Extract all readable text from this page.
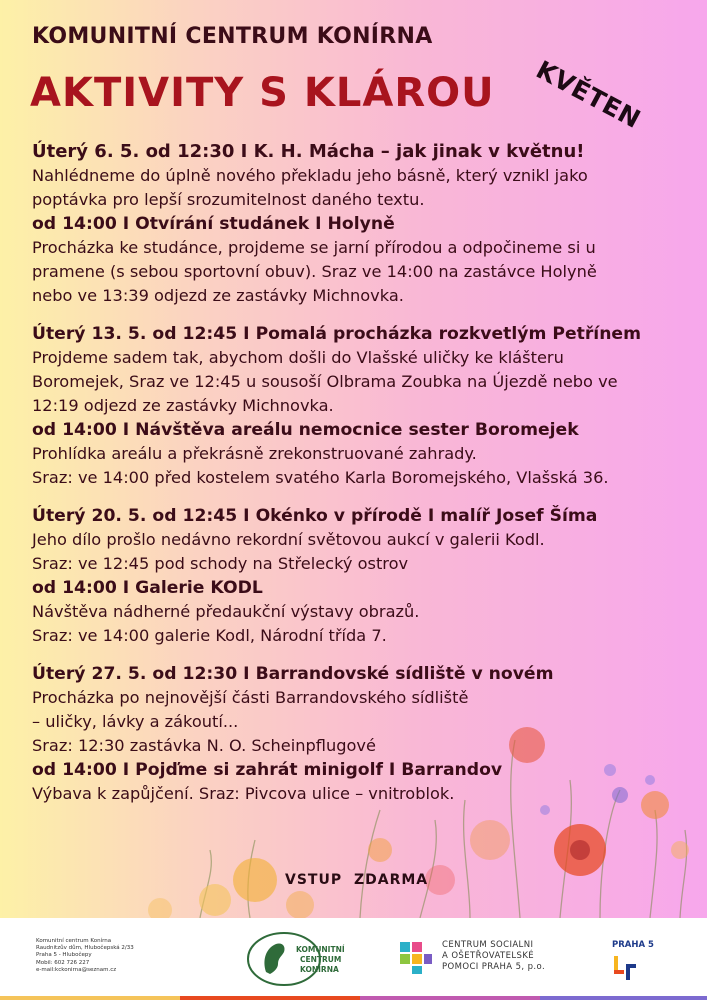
KOMUNITNÍ CENTRUM KONÍRNA
AKTIVITY S KLÁROU KVĚTEN
Úterý 6. 5. od 12:30 I K. H. Mácha – jak jinak v květnu!
Nahlédneme do úplně nového překladu jeho básně, který vznikl jako
poptávka pro lepší srozumitelnost daného textu.
od 14:00 I Otvírání studánek I Holyně
Procházka ke studánce, projdeme se jarní přírodou a odpočineme si u
pramene (s sebou sportovní obuv). Sraz ve 14:00 na zastávce Holyně
nebo ve 13:39 odjezd ze zastávky Michnovka.
Úterý 13. 5. od 12:45 I Pomalá procházka rozkvetlým Petřínem
Projdeme sadem tak, abychom došli do Vlašské uličky ke klášteru
Boromejek, Sraz ve 12:45 u sousoší Olbrama Zoubka na Újezdě nebo ve
12:19 odjezd ze zastávky Michnovka.
od 14:00 I Návštěva areálu nemocnice sester Boromejek
Prohlídka areálu a překrásně zrekonstruované zahrady.
Sraz: ve 14:00 před kostelem svatého Karla Boromejského, Vlašská 36.
Úterý 20. 5. od 12:45 I Okénko v přírodě I malíř Josef Šíma
Jeho dílo prošlo nedávno rekordní světovou aukcí v galerii Kodl.
Sraz: ve 12:45 pod schody na Střelecký ostrov
od 14:00 I Galerie KODL
Návštěva nádherné předaukční výstavy obrazů.
Sraz: ve 14:00 galerie Kodl, Národní třída 7.
Úterý 27. 5. od 12:30 I Barrandovské sídliště v novém
Procházka po nejnovější části Barrandovského sídliště
– uličky, lávky a zákoutí...
Sraz: 12:30 zastávka N. O. Scheinpflugové
od 14:00 I Pojďme si zahrát minigolf I Barrandov
Výbava k zapůjčení. Sraz: Pivcova ulice – vnitroblok.
VSTUP ZDARMA
Komunitní centrum Konírna
Raudnitzův dům, Hlubočepská 2/33
Praha 5 - Hlubočepy
Mobil: 602 726 227
e-mail:kckonirna@seznam.cz
KOMUNITNÍ
CENTRUM
KONÍRNA
CENTRUM SOCIALNI
A OŠETŘOVATELSKÉ
POMOCI PRAHA 5, p.o.
PRAHA 5
